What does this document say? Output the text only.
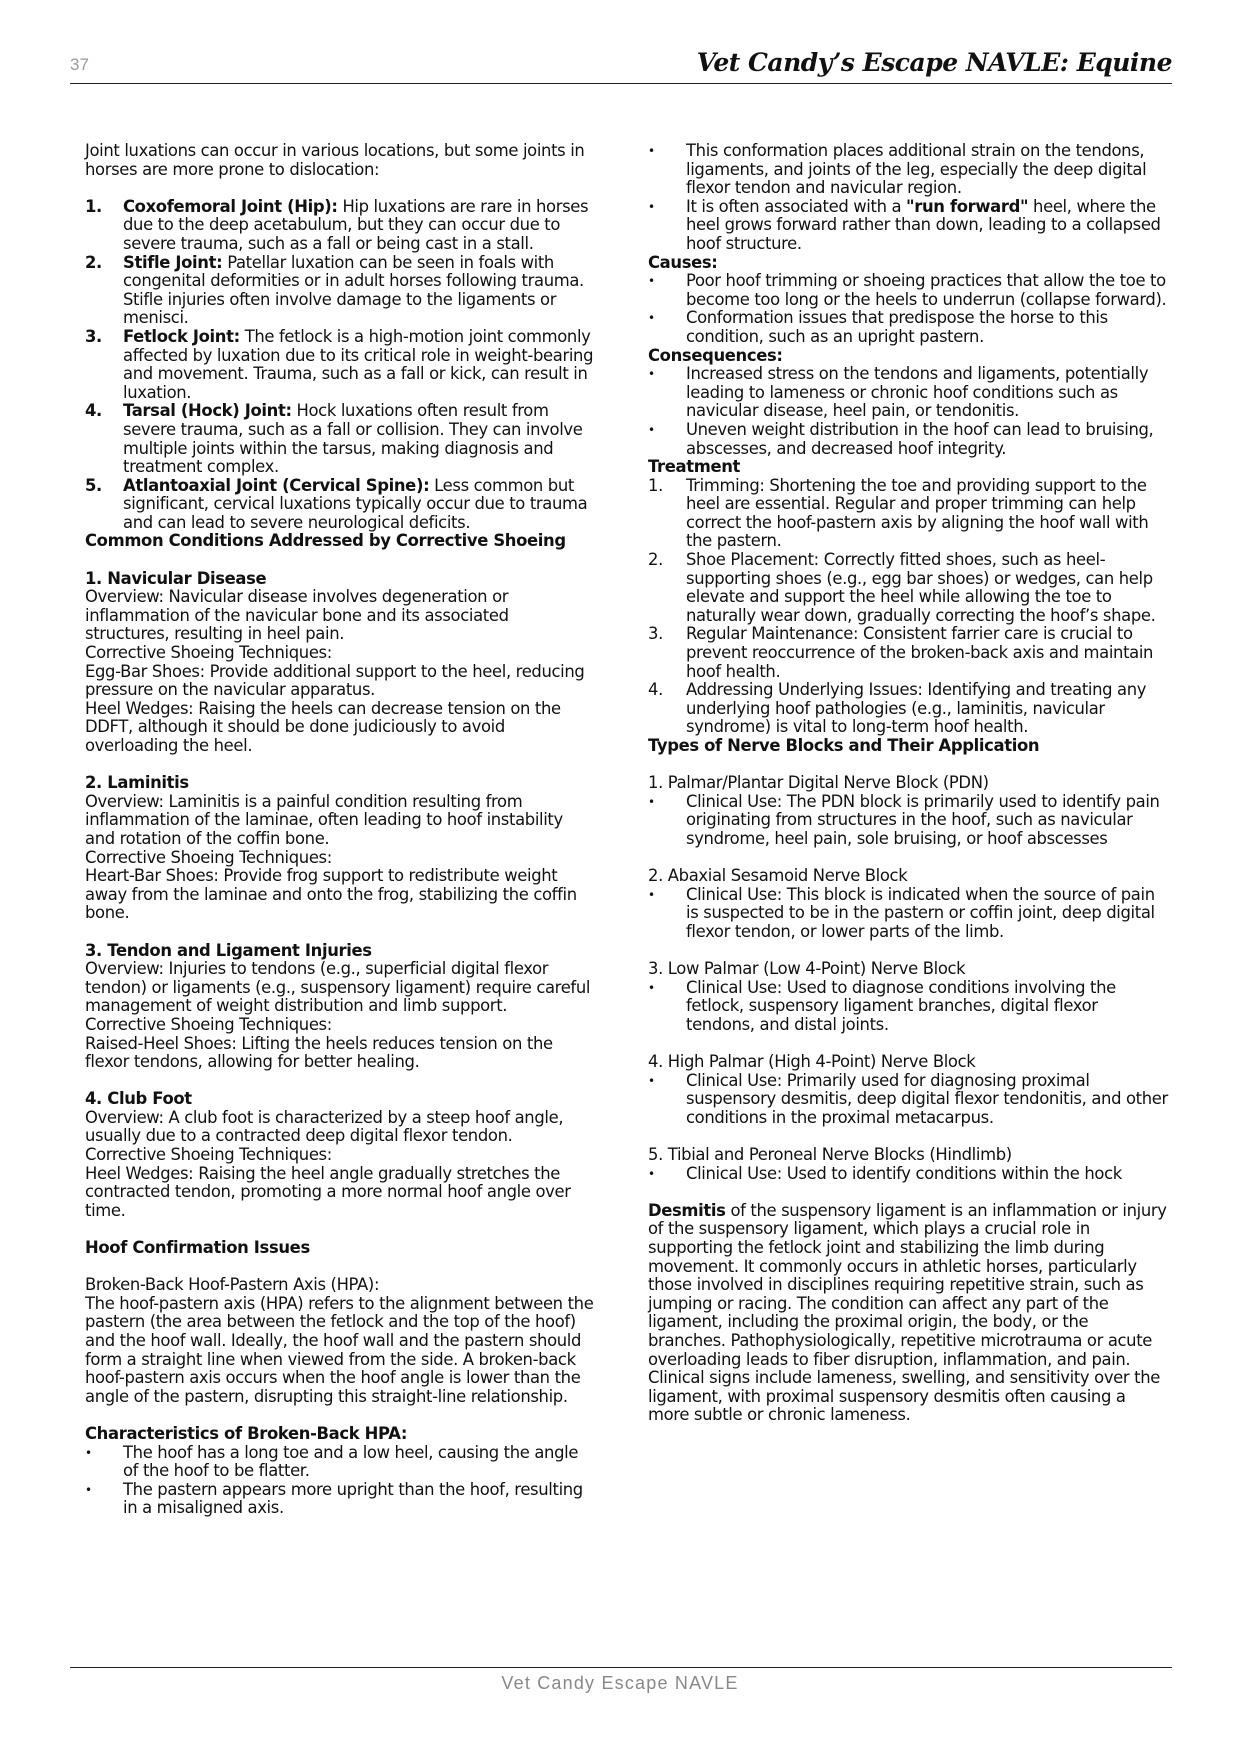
37	Vet Candy’s Escape NAVLE: Equine

Joint luxations can occur in various locations, but some joints in horses are more prone to dislocation:

1. Coxofemoral Joint (Hip): Hip luxations are rare in horses due to the deep acetabulum, but they can occur due to severe trauma, such as a fall or being cast in a stall.
2. Stifle Joint: Patellar luxation can be seen in foals with congenital deformities or in adult horses following trauma. Stifle injuries often involve damage to the ligaments or menisci.
3. Fetlock Joint: The fetlock is a high-motion joint commonly affected by luxation due to its critical role in weight-bearing and movement. Trauma, such as a fall or kick, can result in luxation.
4. Tarsal (Hock) Joint: Hock luxations often result from severe trauma, such as a fall or collision. They can involve multiple joints within the tarsus, making diagnosis and treatment complex.
5. Atlantoaxial Joint (Cervical Spine): Less common but significant, cervical luxations typically occur due to trauma and can lead to severe neurological deficits.
Common Conditions Addressed by Corrective Shoeing
1. Navicular Disease

Overview: Navicular disease involves degeneration or inflammation of the navicular bone and its associated structures, resulting in heel pain.

Corrective Shoeing Techniques:

Egg-Bar Shoes: Provide additional support to the heel, reducing pressure on the navicular apparatus.

Heel Wedges: Raising the heels can decrease tension on the DDFT, although it should be done judiciously to avoid overloading the heel.

2. Laminitis

Overview: Laminitis is a painful condition resulting from inflammation of the laminae, often leading to hoof instability and rotation of the coffin bone.

Corrective Shoeing Techniques:

Heart-Bar Shoes: Provide frog support to redistribute weight away from the laminae and onto the frog, stabilizing the coffin bone.

3. Tendon and Ligament Injuries

Overview: Injuries to tendons (e.g., superficial digital flexor tendon) or ligaments (e.g., suspensory ligament) require careful management of weight distribution and limb support.

Corrective Shoeing Techniques:

Raised-Heel Shoes: Lifting the heels reduces tension on the flexor tendons, allowing for better healing.

4. Club Foot

Overview: A club foot is characterized by a steep hoof angle, usually due to a contracted deep digital flexor tendon.

Corrective Shoeing Techniques:

Heel Wedges: Raising the heel angle gradually stretches the contracted tendon, promoting a more normal hoof angle over time.

Hoof Confirmation Issues

Broken-Back Hoof-Pastern Axis (HPA):

The hoof-pastern axis (HPA) refers to the alignment between the pastern (the area between the fetlock and the top of the hoof) and the hoof wall. Ideally, the hoof wall and the pastern should form a straight line when viewed from the side. A broken-back hoof-pastern axis occurs when the hoof angle is lower than the angle of the pastern, disrupting this straight-line relationship.

Characteristics of Broken-Back HPA:
• The hoof has a long toe and a low heel, causing the angle of the hoof to be flatter.
• The pastern appears more upright than the hoof, resulting in a misaligned axis.
• This conformation places additional strain on the tendons, ligaments, and joints of the leg, especially the deep digital flexor tendon and navicular region.
• It is often associated with a "run forward" heel, where the heel grows forward rather than down, leading to a collapsed hoof structure.
Causes:
• Poor hoof trimming or shoeing practices that allow the toe to become too long or the heels to underrun (collapse forward).
• Conformation issues that predispose the horse to this condition, such as an upright pastern.
Consequences:
• Increased stress on the tendons and ligaments, potentially leading to lameness or chronic hoof conditions such as navicular disease, heel pain, or tendonitis.
• Uneven weight distribution in the hoof can lead to bruising, abscesses, and decreased hoof integrity.
Treatment
1. Trimming: Shortening the toe and providing support to the heel are essential. Regular and proper trimming can help correct the hoof-pastern axis by aligning the hoof wall with the pastern.
2. Shoe Placement: Correctly fitted shoes, such as heel-supporting shoes (e.g., egg bar shoes) or wedges, can help elevate and support the heel while allowing the toe to naturally wear down, gradually correcting the hoof’s shape.
3. Regular Maintenance: Consistent farrier care is crucial to prevent reoccurrence of the broken-back axis and maintain hoof health.
4. Addressing Underlying Issues: Identifying and treating any underlying hoof pathologies (e.g., laminitis, navicular syndrome) is vital to long-term hoof health.
Types of Nerve Blocks and Their Application

1. Palmar/Plantar Digital Nerve Block (PDN)

• Clinical Use: The PDN block is primarily used to identify pain originating from structures in the hoof, such as navicular syndrome, heel pain, sole bruising, or hoof abscesses

2. Abaxial Sesamoid Nerve Block

• Clinical Use: This block is indicated when the source of pain is suspected to be in the pastern or coffin joint, deep digital flexor tendon, or lower parts of the limb.

3. Low Palmar (Low 4-Point) Nerve Block

• Clinical Use: Used to diagnose conditions involving the fetlock, suspensory ligament branches, digital flexor tendons, and distal joints.

4. High Palmar (High 4-Point) Nerve Block

• Clinical Use: Primarily used for diagnosing proximal suspensory desmitis, deep digital flexor tendonitis, and other conditions in the proximal metacarpus.

5. Tibial and Peroneal Nerve Blocks (Hindlimb)

• Clinical Use: Used to identify conditions within the hock

Desmitis of the suspensory ligament is an inflammation or injury of the suspensory ligament, which plays a crucial role in supporting the fetlock joint and stabilizing the limb during movement. It commonly occurs in athletic horses, particularly those involved in disciplines requiring repetitive strain, such as jumping or racing. The condition can affect any part of the ligament, including the proximal origin, the body, or the branches. Pathophysiologically, repetitive microtrauma or acute overloading leads to fiber disruption, inflammation, and pain.

Clinical signs include lameness, swelling, and sensitivity over the ligament, with proximal suspensory desmitis often causing a more subtle or chronic lameness.

Vet Candy Escape NAVLE
